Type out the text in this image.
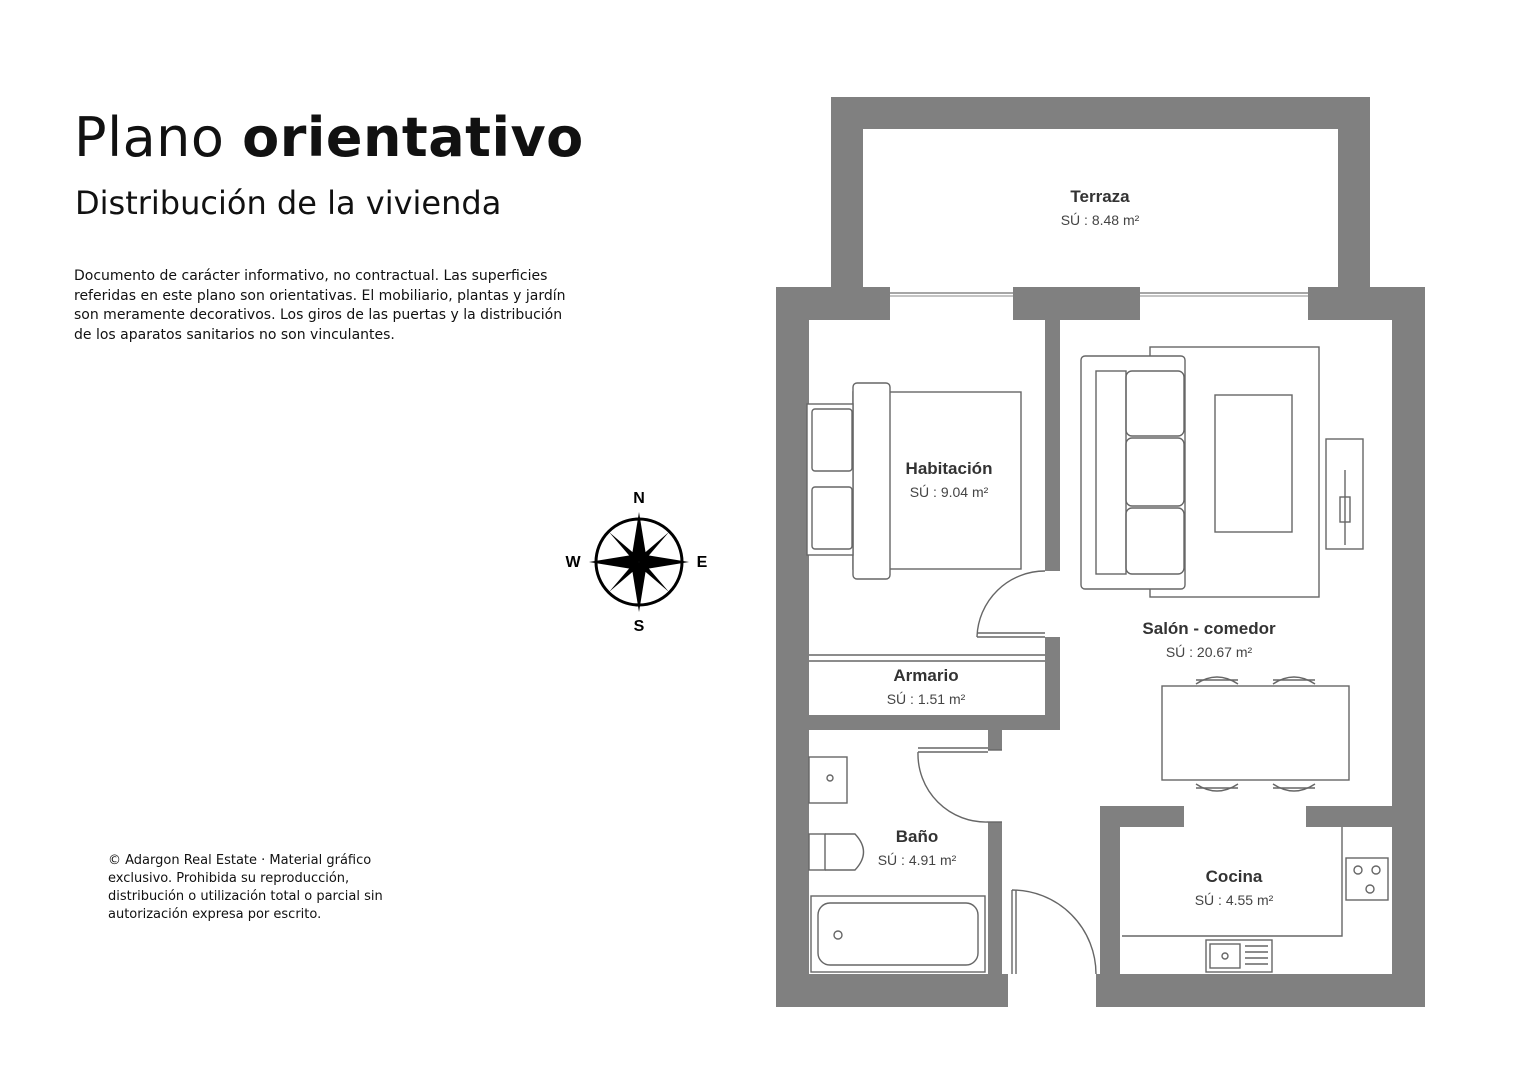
Plano orientativo
Distribución de la vivienda
Documento de carácter informativo, no contractual. Las superficies referidas en este plano son orientativas. El mobiliario, plantas y jardín son meramente decorativos. Los giros de las puertas y la distribución de los aparatos sanitarios no son vinculantes.
© Adargon Real Estate · Material gráfico exclusivo. Prohibida su reproducción, distribución o utilización total o parcial sin autorización expresa por escrito.
N
S
W	E
Terraza
SÚ : 8.48 m²
Habitación
SÚ : 9.04 m²
Salón - comedor
SÚ : 20.67 m²
Armario
SÚ : 1.51 m²
Baño
SÚ : 4.91 m²
Cocina
SÚ : 4.55 m²
